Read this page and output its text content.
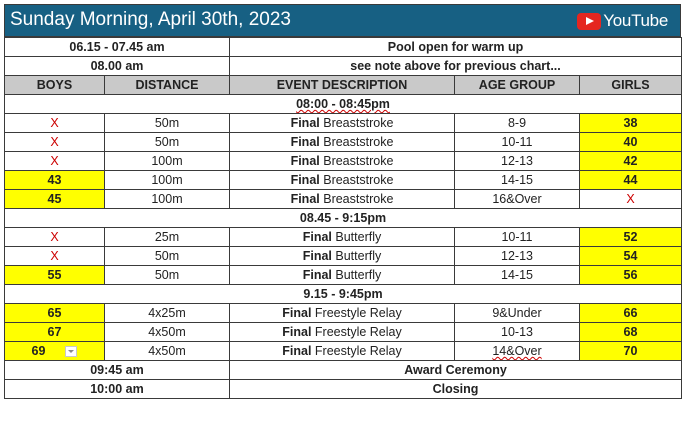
Sunday Morning, April 30th, 2023	YouTube
06.15 - 07.45 am		Pool open for warm up		
08.00 am		see note above for previous chart...		
BOYS	DISTANCE	EVENT DESCRIPTION	AGE GROUP	GIRLS
08:00 - 08:45pm				
X	50m	Final Breaststroke	8-9	38
X	50m	Final Breaststroke	10-11	40
X	100m	Final Breaststroke	12-13	42
43	100m	Final Breaststroke	14-15	44
45	100m	Final Breaststroke	16&Over	X
08.45 - 9:15pm				
X	25m	Final Butterfly	10-11	52
X	50m	Final Butterfly	12-13	54
55	50m	Final Butterfly	14-15	56
9.15 - 9:45pm				
65	4x25m	Final Freestyle Relay	9&Under	66
67	4x50m	Final Freestyle Relay	10-13	68
69	4x50m	Final Freestyle Relay	14&Over	70
09:45 am		Award Ceremony		
10:00 am		Closing		
